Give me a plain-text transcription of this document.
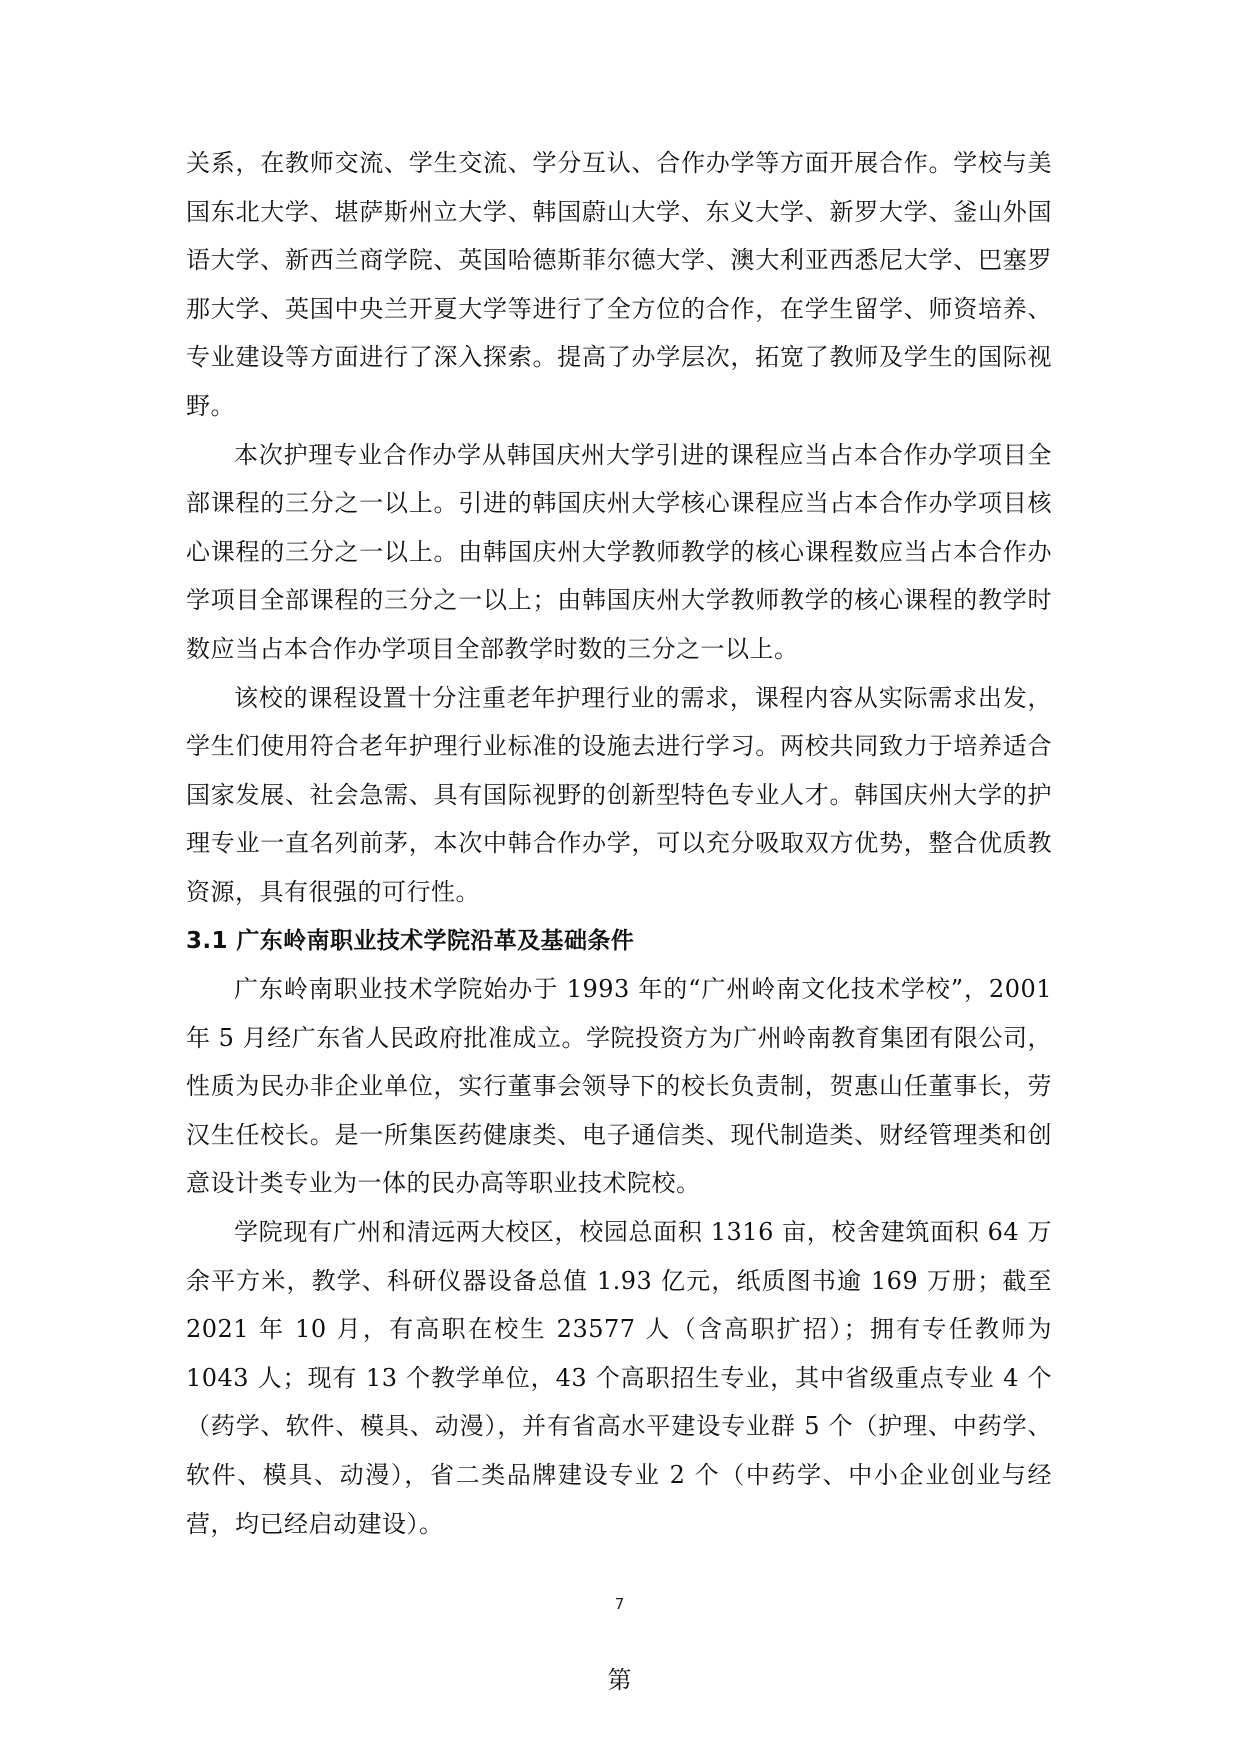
关系，在教师交流、学生交流、学分互认、合作办学等方面开展合作。学校与美国东北大学、堪萨斯州立大学、韩国蔚山大学、东义大学、新罗大学、釜山外国语大学、新西兰商学院、英国哈德斯菲尔德大学、澳大利亚西悉尼大学、巴塞罗那大学、英国中央兰开夏大学等进行了全方位的合作，在学生留学、师资培养、专业建设等方面进行了深入探索。提高了办学层次，拓宽了教师及学生的国际视野。

本次护理专业合作办学从韩国庆州大学引进的课程应当占本合作办学项目全部课程的三分之一以上。引进的韩国庆州大学核心课程应当占本合作办学项目核心课程的三分之一以上。由韩国庆州大学教师教学的核心课程数应当占本合作办学项目全部课程的三分之一以上；由韩国庆州大学教师教学的核心课程的教学时数应当占本合作办学项目全部教学时数的三分之一以上。

该校的课程设置十分注重老年护理行业的需求，课程内容从实际需求出发，学生们使用符合老年护理行业标准的设施去进行学习。两校共同致力于培养适合国家发展、社会急需、具有国际视野的创新型特色专业人才。韩国庆州大学的护理专业一直名列前茅，本次中韩合作办学，可以充分吸取双方优势，整合优质教资源，具有很强的可行性。

3.1 广东岭南职业技术学院沿革及基础条件

广东岭南职业技术学院始办于 1993 年的“广州岭南文化技术学校”，2001 年 5 月经广东省人民政府批准成立。学院投资方为广州岭南教育集团有限公司，性质为民办非企业单位，实行董事会领导下的校长负责制，贺惠山任董事长，劳汉生任校长。是一所集医药健康类、电子通信类、现代制造类、财经管理类和创意设计类专业为一体的民办高等职业技术院校。

学院现有广州和清远两大校区，校园总面积 1316 亩，校舍建筑面积 64 万余平方米，教学、科研仪器设备总值 1.93 亿元，纸质图书逾 169 万册；截至 2021 年 10 月，有高职在校生 23577 人（含高职扩招）；拥有专任教师为 1043 人；现有 13 个教学单位，43 个高职招生专业，其中省级重点专业 4 个（药学、软件、模具、动漫），并有省高水平建设专业群 5 个（护理、中药学、软件、模具、动漫），省二类品牌建设专业 2 个（中药学、中小企业创业与经营，均已经启动建设）。

7
第
